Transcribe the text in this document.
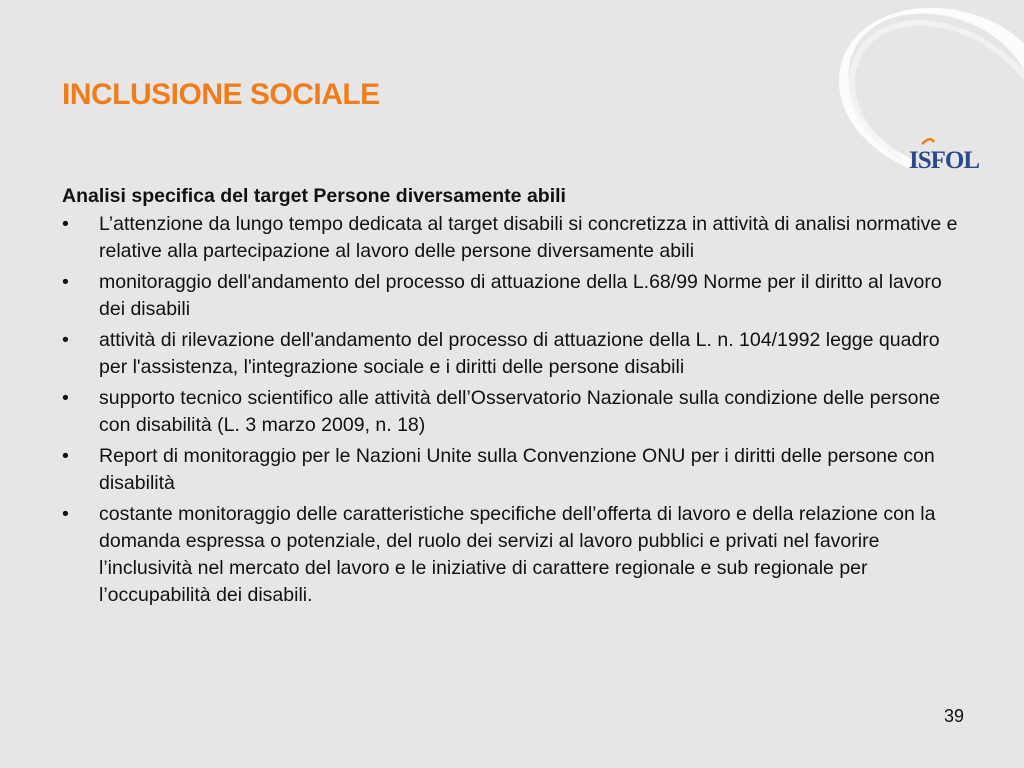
ISFOL
INCLUSIONE SOCIALE
Analisi specifica del target Persone diversamente abili
• L’attenzione da lungo tempo dedicata al target disabili si concretizza in attività di analisi normative e relative alla partecipazione al lavoro delle persone diversamente abili
• monitoraggio dell'andamento del processo di attuazione della L.68/99 Norme per il diritto al lavoro dei disabili
• attività di rilevazione dell'andamento del processo di attuazione della L. n. 104/1992 legge quadro per l'assistenza, l'integrazione sociale e i diritti delle persone disabili
• supporto tecnico scientifico alle attività dell’Osservatorio Nazionale sulla condizione delle persone con disabilità (L. 3 marzo 2009, n. 18)
• Report di monitoraggio per le Nazioni Unite sulla Convenzione ONU per i diritti delle persone con disabilità
• costante monitoraggio delle caratteristiche specifiche dell’offerta di lavoro e della relazione con la domanda espressa o potenziale, del ruolo dei servizi al lavoro pubblici e privati nel favorire l’inclusività nel mercato del lavoro e le iniziative di carattere regionale e sub regionale per l’occupabilità dei disabili.
39
